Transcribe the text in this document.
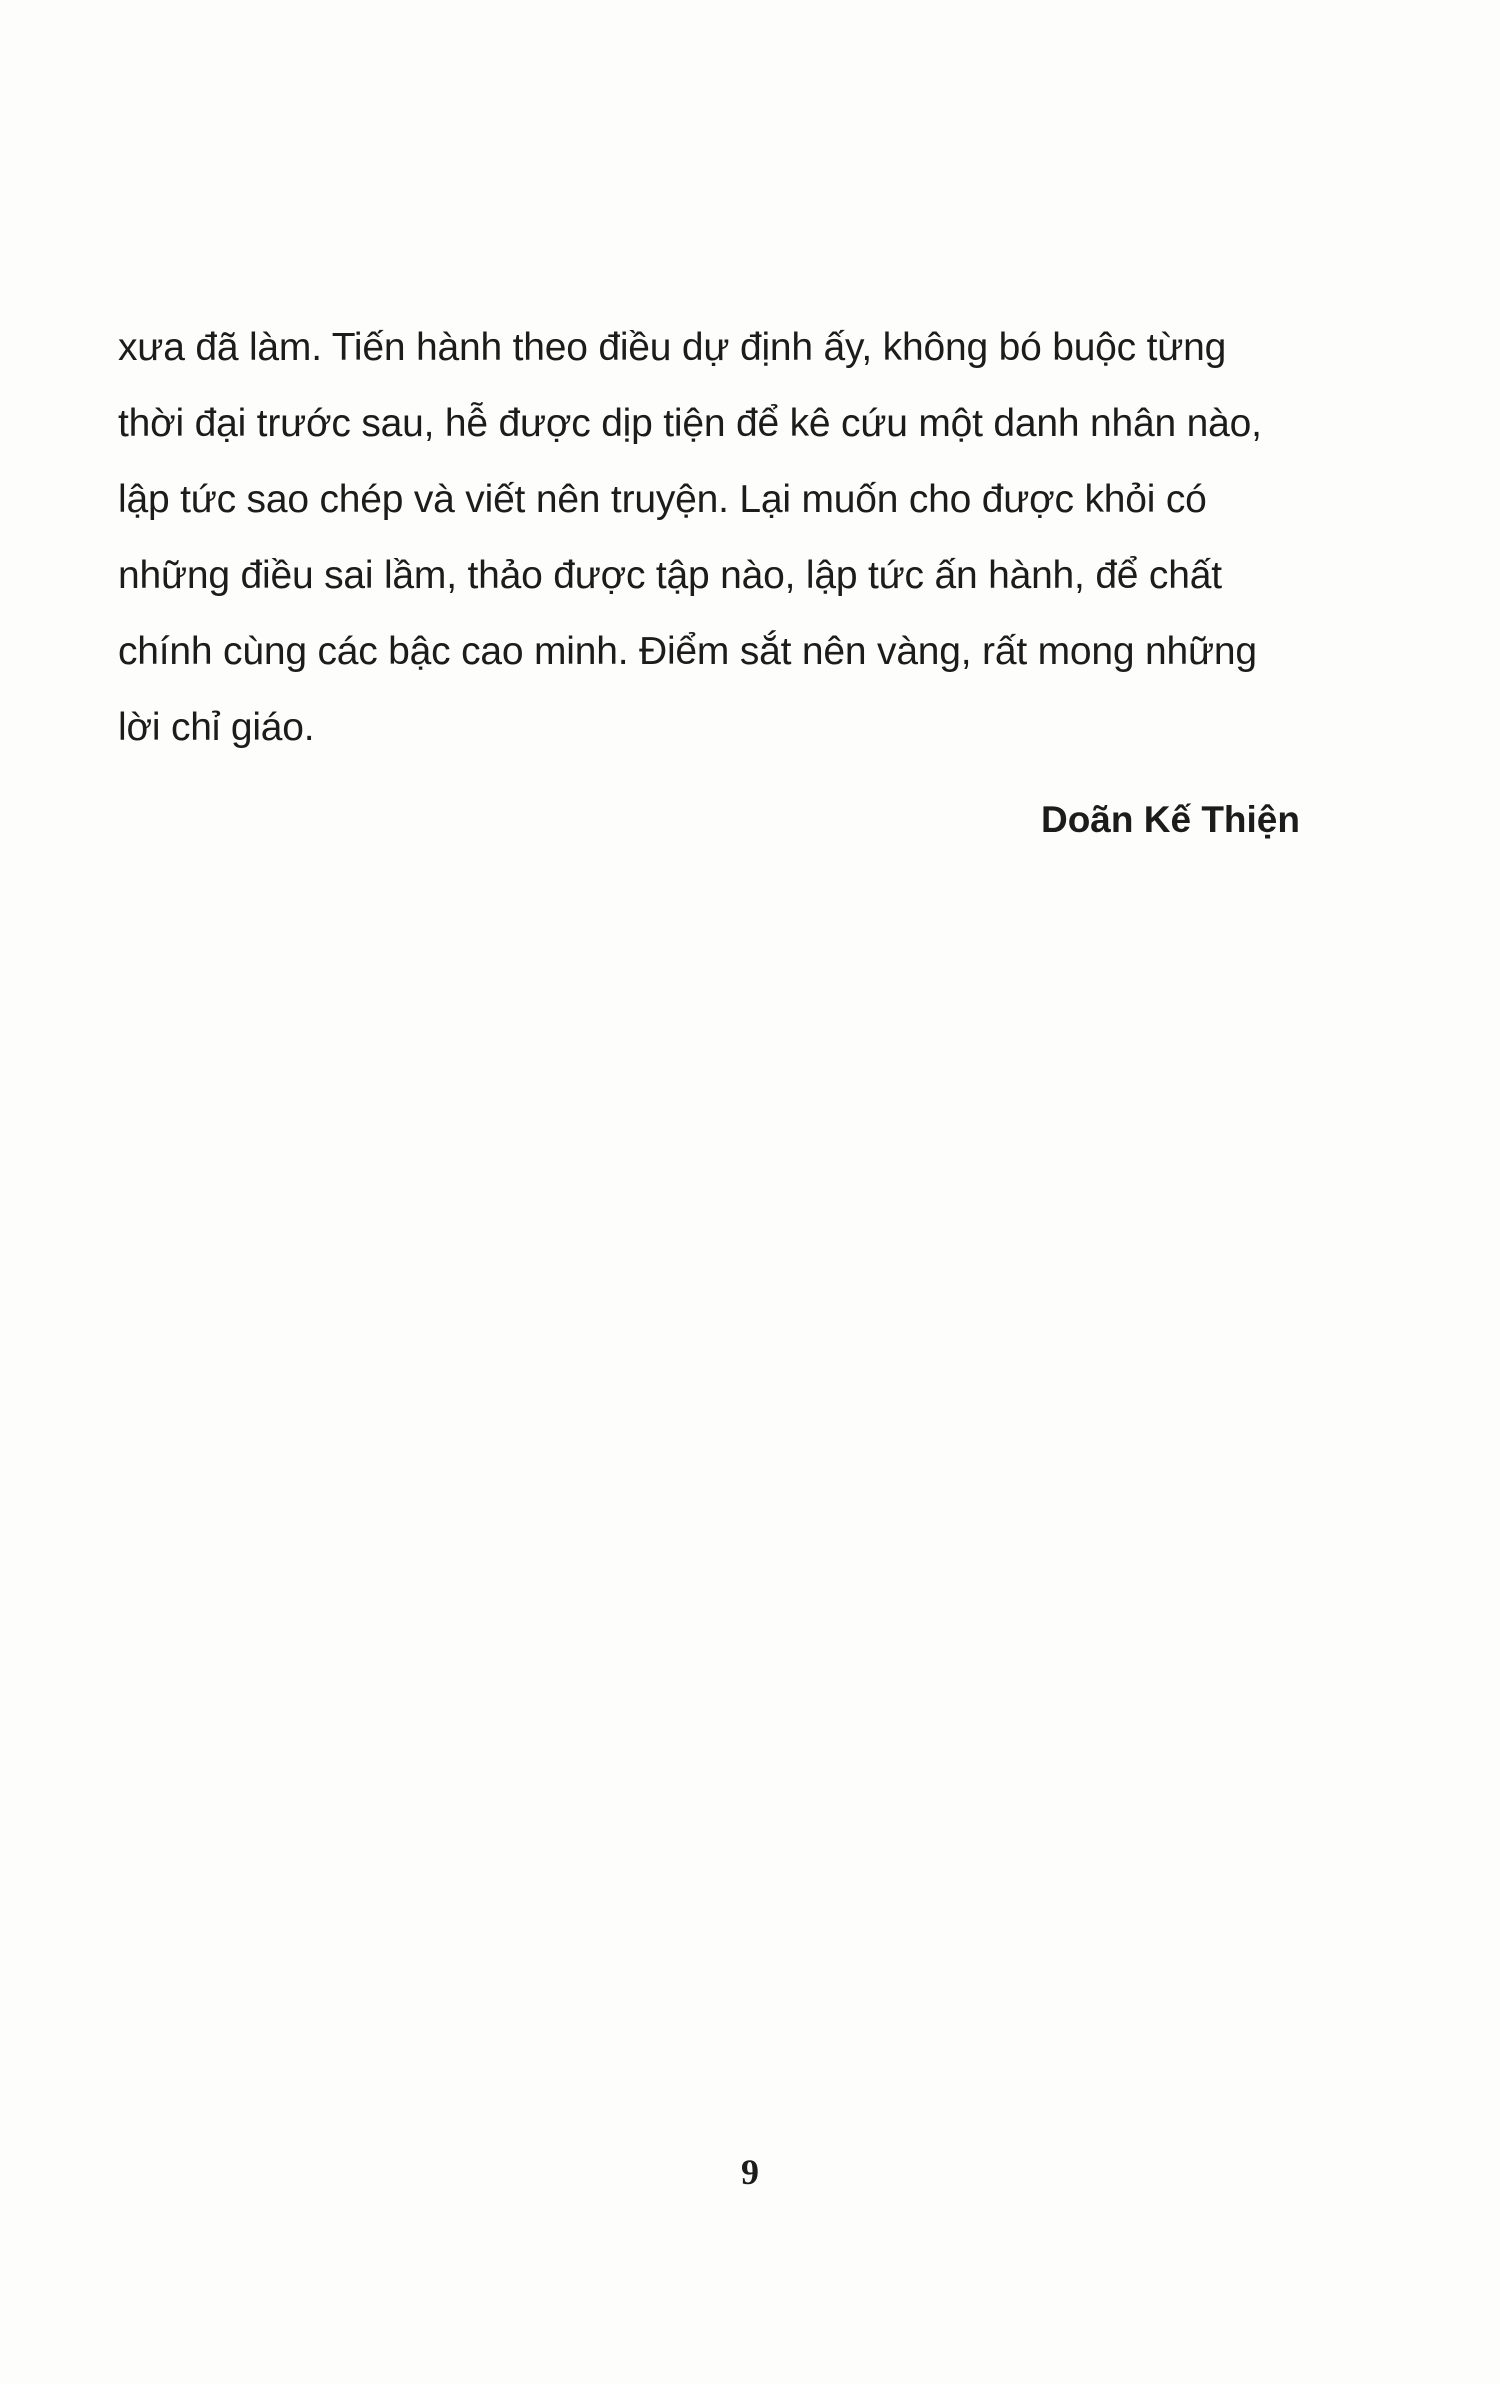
xưa đã làm. Tiến hành theo điều dự định ấy, không bó buộc từng
thời đại trước sau, hễ được dịp tiện để kê cứu một danh nhân nào,
lập tức sao chép và viết nên truyện. Lại muốn cho được khỏi có
những điều sai lầm, thảo được tập nào, lập tức ấn hành, để chất
chính cùng các bậc cao minh. Điểm sắt nên vàng, rất mong những
lời chỉ giáo.
Doãn Kế Thiện
9
